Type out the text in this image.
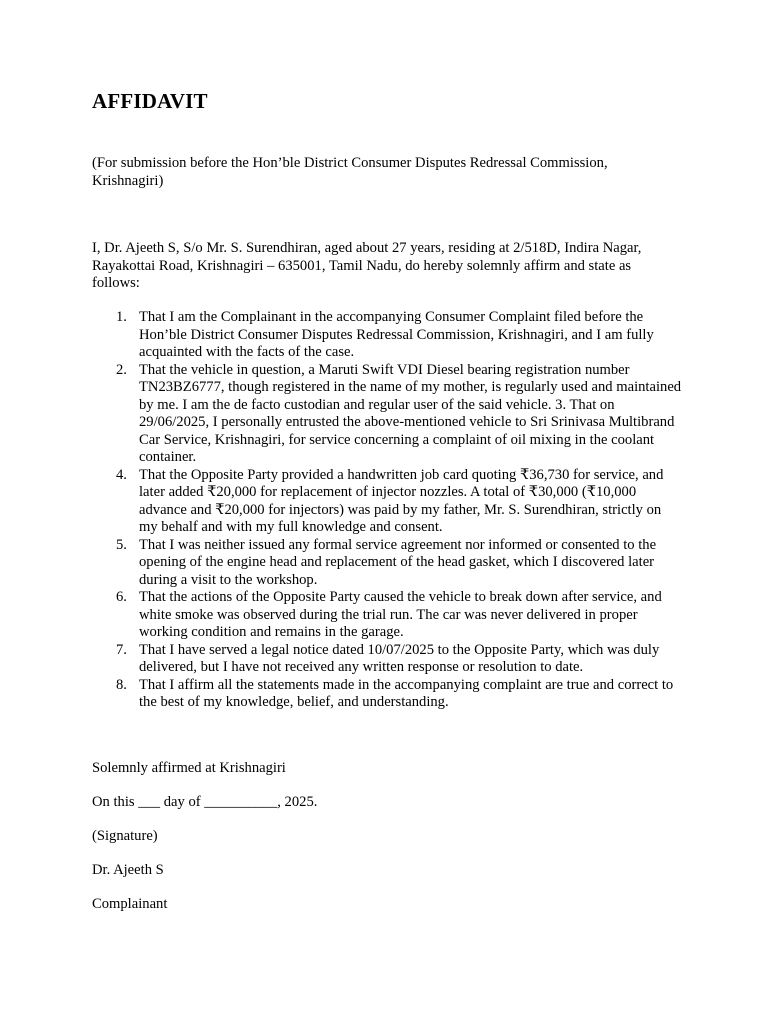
AFFIDAVIT

(For submission before the Hon’ble District Consumer Disputes Redressal Commission, Krishnagiri)

I, Dr. Ajeeth S, S/o Mr. S. Surendhiran, aged about 27 years, residing at 2/518D, Indira Nagar, Rayakottai Road, Krishnagiri – 635001, Tamil Nadu, do hereby solemnly affirm and state as follows:

1. That I am the Complainant in the accompanying Consumer Complaint filed before the Hon’ble District Consumer Disputes Redressal Commission, Krishnagiri, and I am fully acquainted with the facts of the case.
2. That the vehicle in question, a Maruti Swift VDI Diesel bearing registration number TN23BZ6777, though registered in the name of my mother, is regularly used and maintained by me. I am the de facto custodian and regular user of the said vehicle. 3. That on 29/06/2025, I personally entrusted the above-mentioned vehicle to Sri Srinivasa Multibrand Car Service, Krishnagiri, for service concerning a complaint of oil mixing in the coolant container.
4. That the Opposite Party provided a handwritten job card quoting ₹36,730 for service, and later added ₹20,000 for replacement of injector nozzles. A total of ₹30,000 (₹10,000 advance and ₹20,000 for injectors) was paid by my father, Mr. S. Surendhiran, strictly on my behalf and with my full knowledge and consent.
5. That I was neither issued any formal service agreement nor informed or consented to the opening of the engine head and replacement of the head gasket, which I discovered later during a visit to the workshop.
6. That the actions of the Opposite Party caused the vehicle to break down after service, and white smoke was observed during the trial run. The car was never delivered in proper working condition and remains in the garage.
7. That I have served a legal notice dated 10/07/2025 to the Opposite Party, which was duly delivered, but I have not received any written response or resolution to date.
8. That I affirm all the statements made in the accompanying complaint are true and correct to the best of my knowledge, belief, and understanding.

Solemnly affirmed at Krishnagiri

On this ___ day of __________, 2025.

(Signature)

Dr. Ajeeth S

Complainant
